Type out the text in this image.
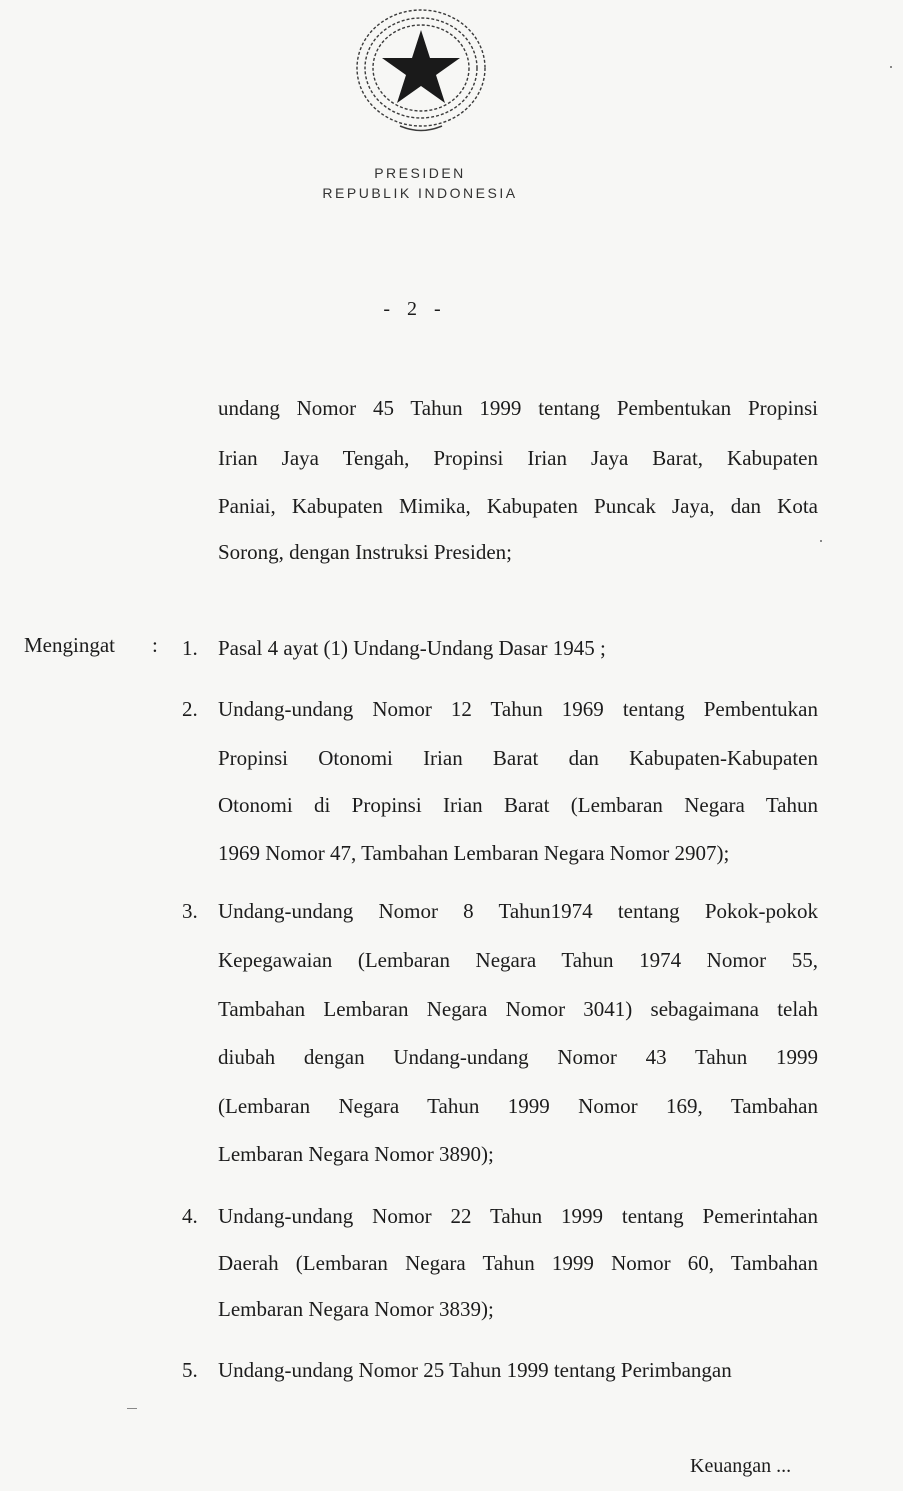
PRESIDEN
REPUBLIK INDONESIA
- 2 -
undang Nomor 45 Tahun 1999 tentang Pembentukan Propinsi
Irian Jaya Tengah, Propinsi Irian Jaya Barat, Kabupaten
Paniai, Kabupaten Mimika, Kabupaten Puncak Jaya, dan Kota
Sorong, dengan Instruksi Presiden;
Mengingat : 1. Pasal 4 ayat (1) Undang-Undang Dasar 1945 ;
2. Undang-undang Nomor 12 Tahun 1969 tentang Pembentukan
Propinsi Otonomi Irian Barat dan Kabupaten-Kabupaten
Otonomi di Propinsi Irian Barat (Lembaran Negara Tahun
1969 Nomor 47, Tambahan Lembaran Negara Nomor 2907);
3. Undang-undang Nomor 8 Tahun1974 tentang Pokok-pokok
Kepegawaian (Lembaran Negara Tahun 1974 Nomor 55,
Tambahan Lembaran Negara Nomor 3041) sebagaimana telah
diubah dengan Undang-undang Nomor 43 Tahun 1999
(Lembaran Negara Tahun 1999 Nomor 169, Tambahan
Lembaran Negara Nomor 3890);
4. Undang-undang Nomor 22 Tahun 1999 tentang Pemerintahan
Daerah (Lembaran Negara Tahun 1999 Nomor 60, Tambahan
Lembaran Negara Nomor 3839);
5. Undang-undang Nomor 25 Tahun 1999 tentang Perimbangan
Keuangan ...
